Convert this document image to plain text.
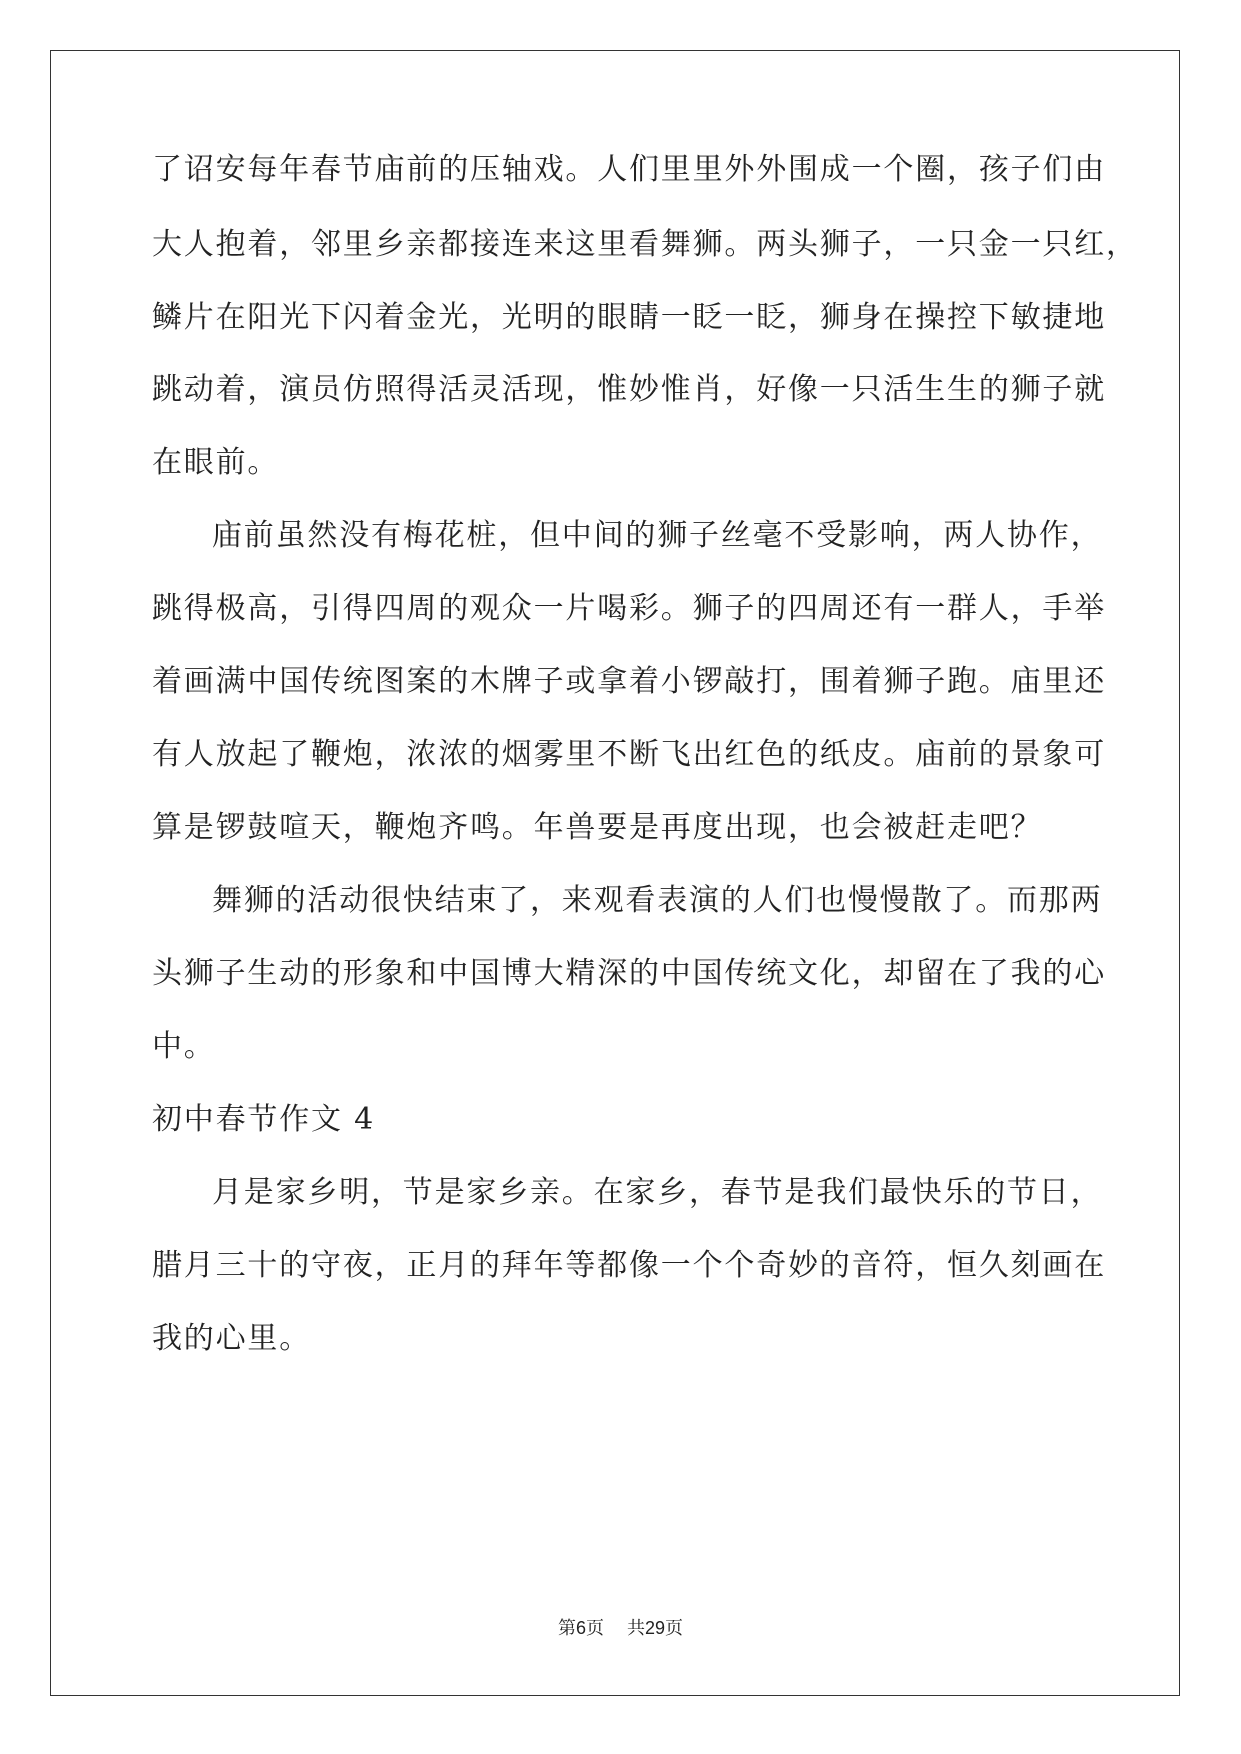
了诏安每年春节庙前的压轴戏。人们里里外外围成一个圈，孩子们由
大人抱着，邻里乡亲都接连来这里看舞狮。两头狮子，一只金一只红，
鳞片在阳光下闪着金光，光明的眼睛一眨一眨，狮身在操控下敏捷地
跳动着，演员仿照得活灵活现，惟妙惟肖，好像一只活生生的狮子就
在眼前。
庙前虽然没有梅花桩，但中间的狮子丝毫不受影响，两人协作，
跳得极高，引得四周的观众一片喝彩。狮子的四周还有一群人，手举
着画满中国传统图案的木牌子或拿着小锣敲打，围着狮子跑。庙里还
有人放起了鞭炮，浓浓的烟雾里不断飞出红色的纸皮。庙前的景象可
算是锣鼓喧天，鞭炮齐鸣。年兽要是再度出现，也会被赶走吧？
舞狮的活动很快结束了，来观看表演的人们也慢慢散了。而那两
头狮子生动的形象和中国博大精深的中国传统文化，却留在了我的心
中。
初中春节作文 4
月是家乡明，节是家乡亲。在家乡，春节是我们最快乐的节日，
腊月三十的守夜，正月的拜年等都像一个个奇妙的音符，恒久刻画在
我的心里。
第6页 共29页
